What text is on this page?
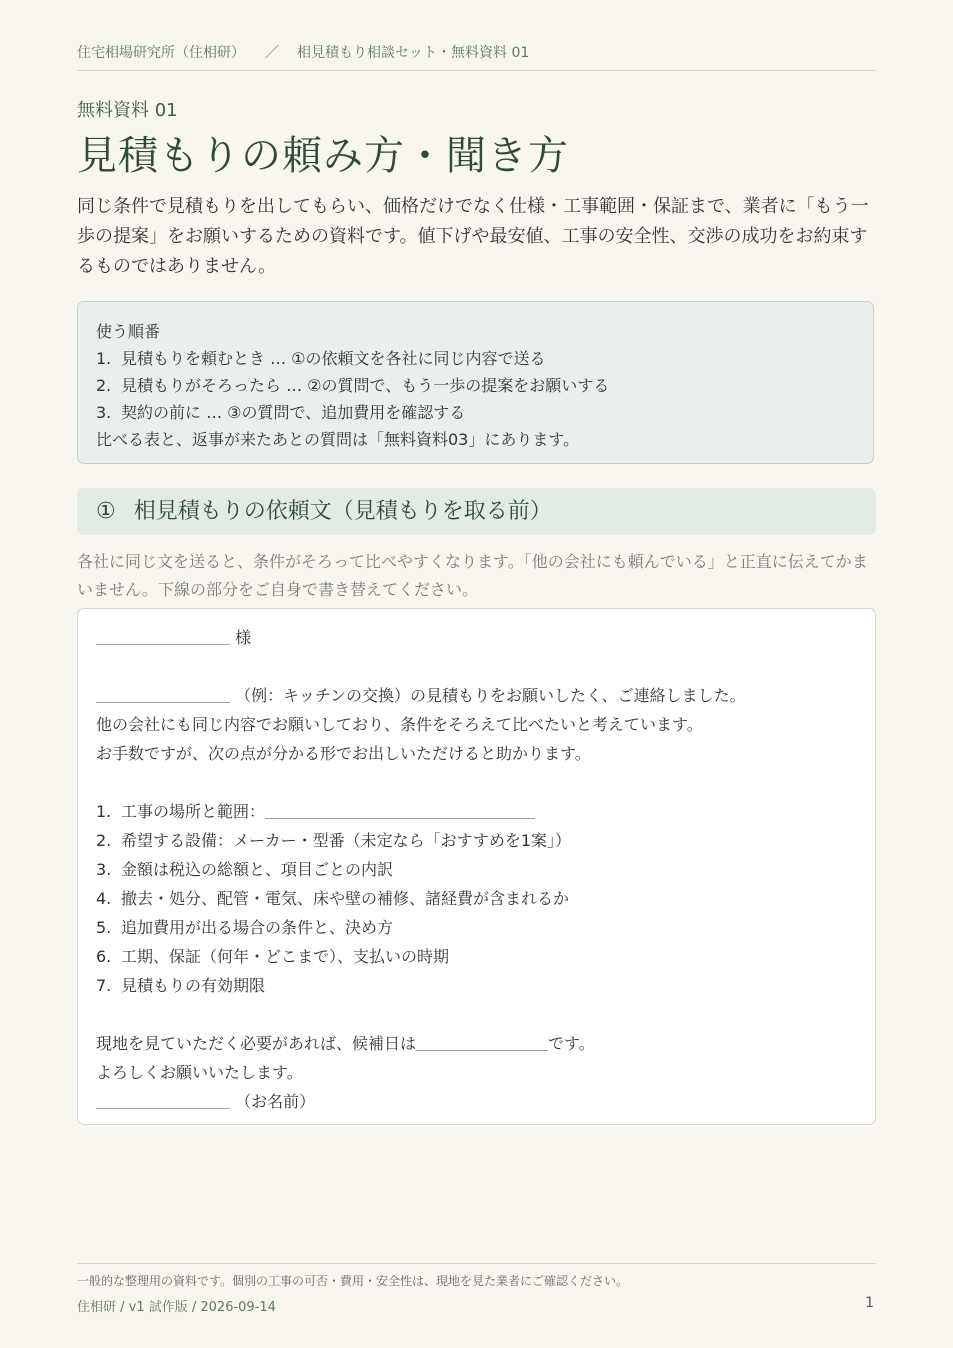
住宅相場研究所（住相研） ／ 相見積もり相談セット・無料資料 01
無料資料 01
見積もりの頼み方・聞き方
同じ条件で見積もりを出してもらい、価格だけでなく仕様・工事範囲・保証まで、業者に「もう一歩の提案」をお願いするための資料です。値下げや最安値、工事の安全性、交渉の成功をお約束するものではありません。
使う順番
1. 見積もりを頼むとき … ①の依頼文を各社に同じ内容で送る
2. 見積もりがそろったら … ②の質問で、もう一歩の提案をお願いする
3. 契約の前に … ③の質問で、追加費用を確認する
比べる表と、返事が来たあとの質問は「無料資料03」にあります。
① 相見積もりの依頼文（見積もりを取る前）
各社に同じ文を送ると、条件がそろって比べやすくなります。「他の会社にも頼んでいる」と正直に伝えてかまいません。下線の部分をご自身で書き替えてください。
様
（例：キッチンの交換）の見積もりをお願いしたく、ご連絡しました。
他の会社にも同じ内容でお願いしており、条件をそろえて比べたいと考えています。
お手数ですが、次の点が分かる形でお出しいただけると助かります。
1. 工事の場所と範囲：
2. 希望する設備：メーカー・型番（未定なら「おすすめを1案」）
3. 金額は税込の総額と、項目ごとの内訳
4. 撤去・処分、配管・電気、床や壁の補修、諸経費が含まれるか
5. 追加費用が出る場合の条件と、決め方
6. 工期、保証（何年・どこまで）、支払いの時期
7. 見積もりの有効期限
現地を見ていただく必要があれば、候補日は	です。
よろしくお願いいたします。
（お名前）
一般的な整理用の資料です。個別の工事の可否・費用・安全性は、現地を見た業者にご確認ください。
住相研 / v1 試作版 / 2026-09-14	1
